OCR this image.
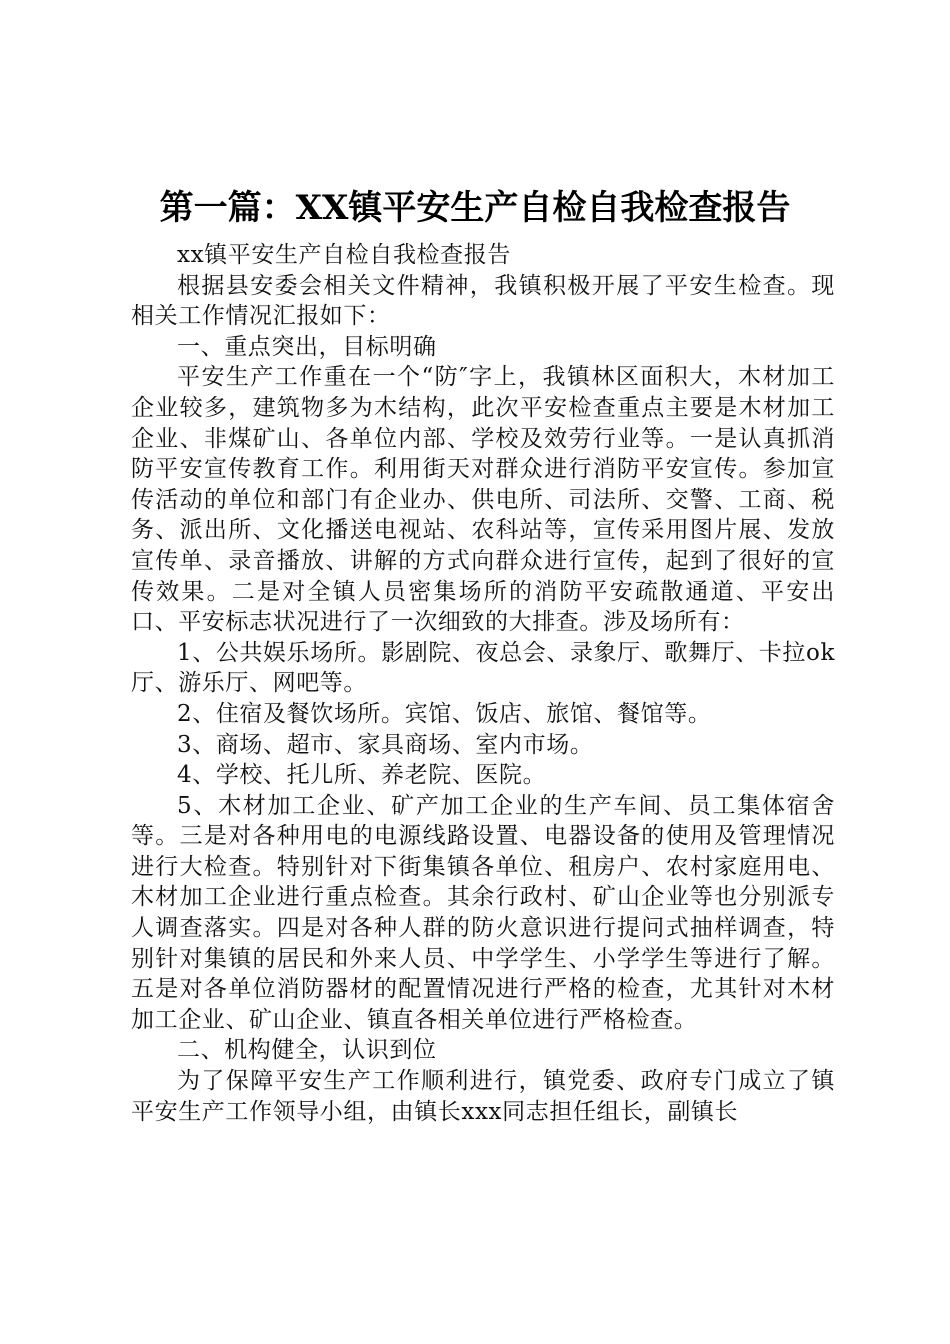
第一篇：XX镇平安生产自检自我检查报告

xx镇平安生产自检自我检查报告

根据县安委会相关文件精神，我镇积极开展了平安生检查。现相关工作情况汇报如下：

一、重点突出，目标明确

平安生产工作重在一个“防″字上，我镇林区面积大，木材加工企业较多，建筑物多为木结构，此次平安检查重点主要是木材加工企业、非煤矿山、各单位内部、学校及效劳行业等。一是认真抓消防平安宣传教育工作。利用街天对群众进行消防平安宣传。参加宣传活动的单位和部门有企业办、供电所、司法所、交警、工商、税务、派出所、文化播送电视站、农科站等，宣传采用图片展、发放宣传单、录音播放、讲解的方式向群众进行宣传，起到了很好的宣传效果。二是对全镇人员密集场所的消防平安疏散通道、平安出口、平安标志状况进行了一次细致的大排查。涉及场所有：

1、公共娱乐场所。影剧院、夜总会、录象厅、歌舞厅、卡拉ok厅、游乐厅、网吧等。

2、住宿及餐饮场所。宾馆、饭店、旅馆、餐馆等。

3、商场、超市、家具商场、室内市场。

4、学校、托儿所、养老院、医院。

5、木材加工企业、矿产加工企业的生产车间、员工集体宿舍等。三是对各种用电的电源线路设置、电器设备的使用及管理情况进行大检查。特别针对下街集镇各单位、租房户、农村家庭用电、木材加工企业进行重点检查。其余行政村、矿山企业等也分别派专人调查落实。四是对各种人群的防火意识进行提问式抽样调查，特别针对集镇的居民和外来人员、中学学生、小学学生等进行了解。五是对各单位消防器材的配置情况进行严格的检查，尤其针对木材加工企业、矿山企业、镇直各相关单位进行严格检查。

二、机构健全，认识到位

为了保障平安生产工作顺利进行，镇党委、政府专门成立了镇平安生产工作领导小组，由镇长xxx同志担任组长，副镇长
